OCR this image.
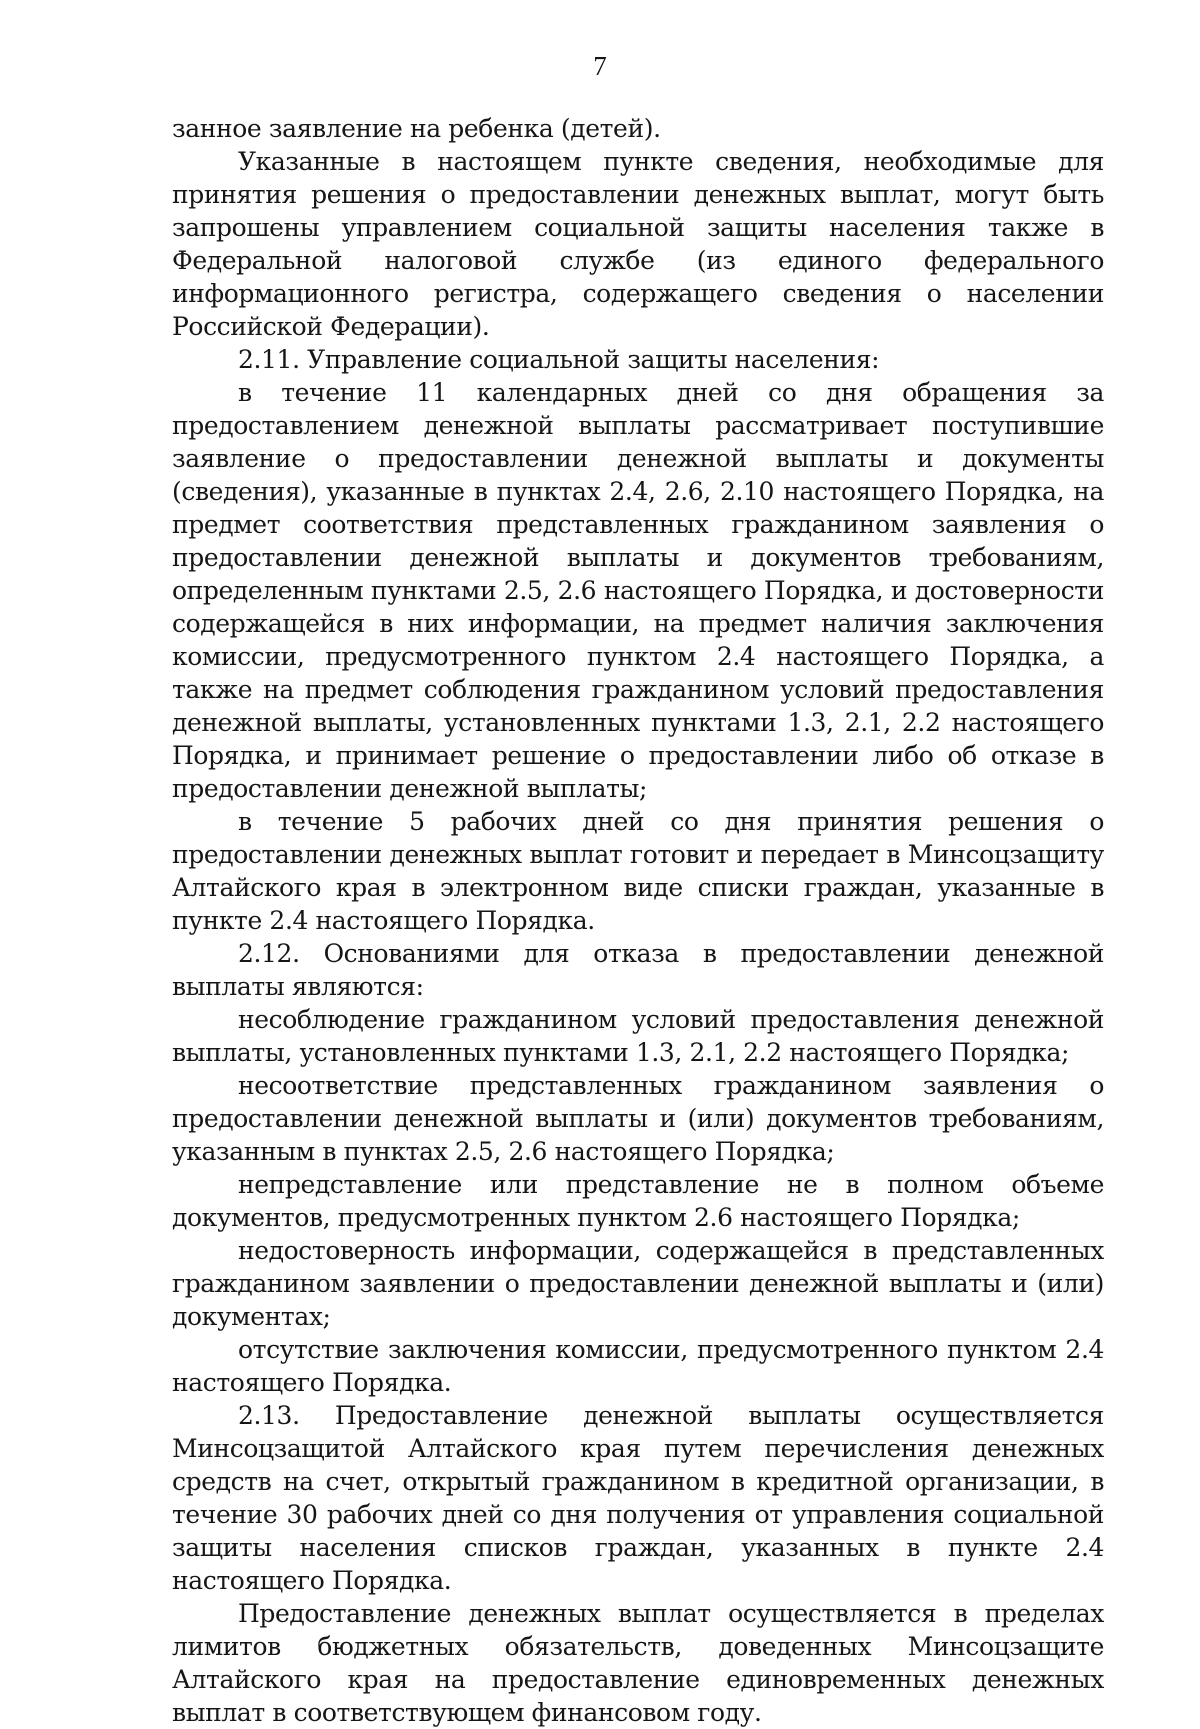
7

занное заявление на ребенка (детей).

Указанные в настоящем пункте сведения, необходимые для принятия решения о предоставлении денежных выплат, могут быть запрошены управлением социальной защиты населения также в Федеральной налоговой службе (из единого федерального информационного регистра, содержащего сведения о населении Российской Федерации).

2.11. Управление социальной защиты населения:

в течение 11 календарных дней со дня обращения за предоставлением денежной выплаты рассматривает поступившие заявление о предоставлении денежной выплаты и документы (сведения), указанные в пунктах 2.4, 2.6, 2.10 настоящего Порядка, на предмет соответствия представленных гражданином заявления о предоставлении денежной выплаты и документов требованиям, определенным пунктами 2.5, 2.6 настоящего Порядка, и достоверности содержащейся в них информации, на предмет наличия заключения комиссии, предусмотренного пунктом 2.4 настоящего Порядка, а также на предмет соблюдения гражданином условий предоставления денежной выплаты, установленных пунктами 1.3, 2.1, 2.2 настоящего Порядка, и принимает решение о предоставлении либо об отказе в предоставлении денежной выплаты;

в течение 5 рабочих дней со дня принятия решения о предоставлении денежных выплат готовит и передает в Минсоцзащиту Алтайского края в электронном виде списки граждан, указанные в пункте 2.4 настоящего Порядка.

2.12. Основаниями для отказа в предоставлении денежной выплаты являются:

несоблюдение гражданином условий предоставления денежной выплаты, установленных пунктами 1.3, 2.1, 2.2 настоящего Порядка;

несоответствие представленных гражданином заявления о предоставлении денежной выплаты и (или) документов требованиям, указанным в пунктах 2.5, 2.6 настоящего Порядка;

непредставление или представление не в полном объеме документов, предусмотренных пунктом 2.6 настоящего Порядка;

недостоверность информации, содержащейся в представленных гражданином заявлении о предоставлении денежной выплаты и (или) документах;

отсутствие заключения комиссии, предусмотренного пунктом 2.4 настоящего Порядка.

2.13. Предоставление денежной выплаты осуществляется Минсоцзащитой Алтайского края путем перечисления денежных средств на счет, открытый гражданином в кредитной организации, в течение 30 рабочих дней со дня получения от управления социальной защиты населения списков граждан, указанных в пункте 2.4 настоящего Порядка.

Предоставление денежных выплат осуществляется в пределах лимитов бюджетных обязательств, доведенных Минсоцзащите Алтайского края на предоставление единовременных денежных выплат в соответствующем финансовом году.
